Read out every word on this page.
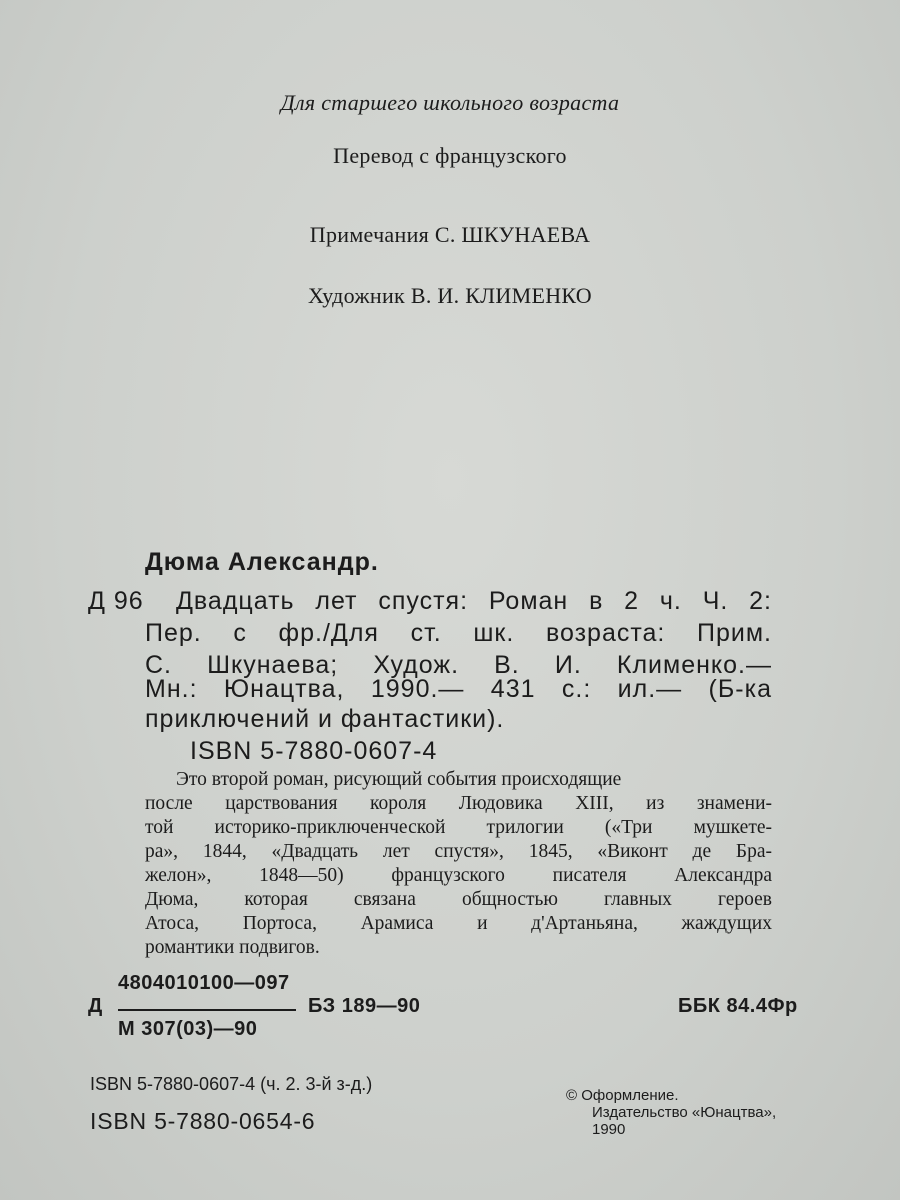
Для старшего школьного возраста
Перевод с французского
Примечания С. ШКУНАЕВА
Художник В. И. КЛИМЕНКО
Дюма Александр.
Д 96 Двадцать лет спустя: Роман в 2 ч. Ч. 2:
Пер. с фр./Для ст. шк. возраста: Прим.
С. Шкунаева; Худож. В. И. Клименко.—
Мн.: Юнацтва, 1990.— 431 с.: ил.— (Б-ка
приключений и фантастики).
ISBN 5-7880-0607-4
Это второй роман, рисующий события происходящие
после царствования короля Людовика XIII, из знамени-
той историко-приключенческой трилогии («Три мушкете-
ра», 1844, «Двадцать лет спустя», 1845, «Виконт де Бра-
желон», 1848—50) французского писателя Александра
Дюма, которая связана общностью главных героев
Атоса, Портоса, Арамиса и д'Артаньяна, жаждущих
романтики подвигов.
4804010100—097
Д	БЗ 189—90
М 307(03)—90
ББК 84.4Фр
ISBN 5-7880-0607-4 (ч. 2. 3-й з-д.)
ISBN 5-7880-0654-6
© Оформление.
Издательство «Юнацтва»,
1990
